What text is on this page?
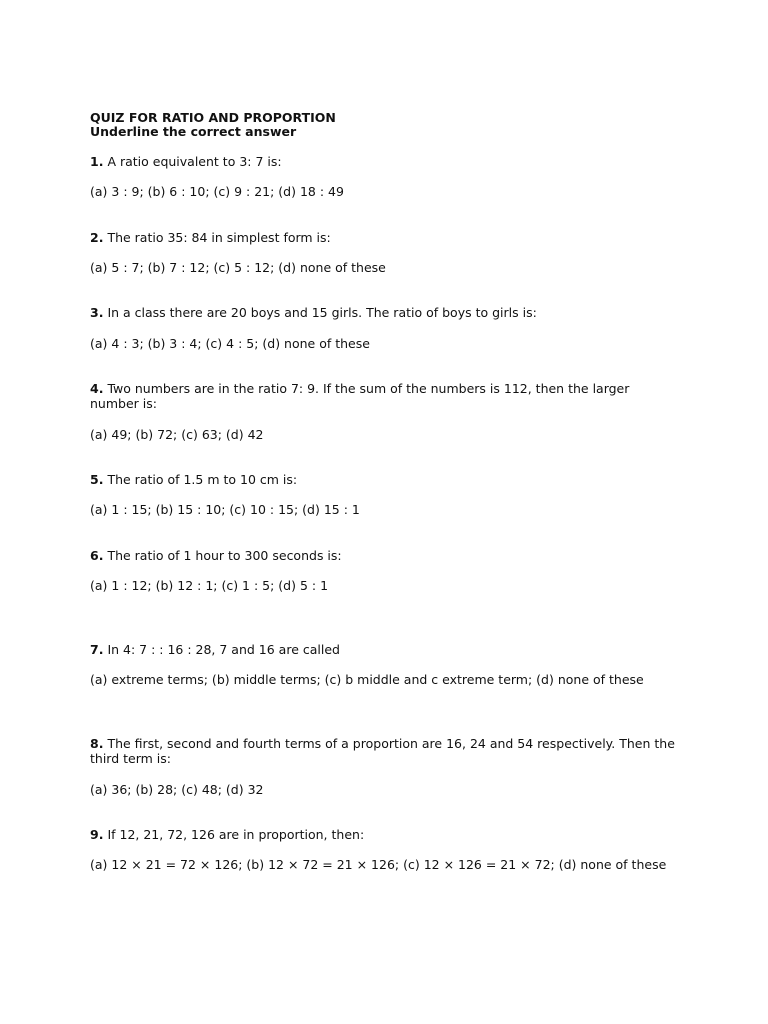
QUIZ FOR RATIO AND PROPORTION
Underline the correct answer
1. A ratio equivalent to 3: 7 is:
(a) 3 : 9; (b) 6 : 10; (c) 9 : 21; (d) 18 : 49
2. The ratio 35: 84 in simplest form is:
(a) 5 : 7; (b) 7 : 12; (c) 5 : 12; (d) none of these
3. In a class there are 20 boys and 15 girls. The ratio of boys to girls is:
(a) 4 : 3; (b) 3 : 4; (c) 4 : 5; (d) none of these
4. Two numbers are in the ratio 7: 9. If the sum of the numbers is 112, then the larger number is:
(a) 49; (b) 72; (c) 63; (d) 42
5. The ratio of 1.5 m to 10 cm is:
(a) 1 : 15; (b) 15 : 10; (c) 10 : 15; (d) 15 : 1
6. The ratio of 1 hour to 300 seconds is:
(a) 1 : 12; (b) 12 : 1; (c) 1 : 5; (d) 5 : 1
7. In 4: 7 : : 16 : 28, 7 and 16 are called
(a) extreme terms; (b) middle terms; (c) b middle and c extreme term; (d) none of these
8. The first, second and fourth terms of a proportion are 16, 24 and 54 respectively. Then the third term is:
(a) 36; (b) 28; (c) 48; (d) 32
9. If 12, 21, 72, 126 are in proportion, then:
(a) 12 × 21 = 72 × 126; (b) 12 × 72 = 21 × 126; (c) 12 × 126 = 21 × 72; (d) none of these
